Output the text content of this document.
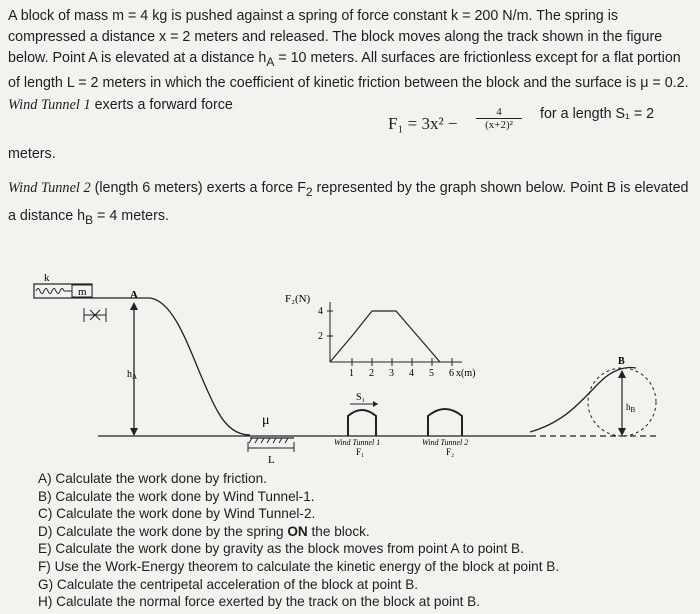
A block of mass m = 4 kg is pushed against a spring of force constant k = 200 N/m. The spring is compressed a distance x = 2 meters and released. The block moves along the track shown in the figure below. Point A is elevated at a distance $h_A = 10$ meters. All surfaces are frictionless except for a flat portion of length L = 2 meters in which the coefficient of kinetic friction between the block and the surface is μ = 0.2. Wind Tunnel 1 exerts a forward force

$F_1 = 3x^2 - \frac{4}{\text{(x+2)²}}$ for a length S₁ = 2
meters.

Wind Tunnel 2 (length 6 meters) exerts a force $F_2$ represented by the graph shown below. Point B is elevated a distance $h_B = 4$ meters.

m
k
A
$h_A$
μ
L
F₂(N)
4
2
1 2 3 4 5 6 x(m)
S₁
Wind Tunnel 1
F₁
Wind Tunnel 2
F₂
B
$h_B$
A) Calculate the work done by friction.
B) Calculate the work done by Wind Tunnel-1.
C) Calculate the work done by Wind Tunnel-2.
D) Calculate the work done by the spring ON the block.
E) Calculate the work done by gravity as the block moves from point A to point B.
F) Use the Work-Energy theorem to calculate the kinetic energy of the block at point B.
G) Calculate the centripetal acceleration of the block at point B.
H) Calculate the normal force exerted by the track on the block at point B.
